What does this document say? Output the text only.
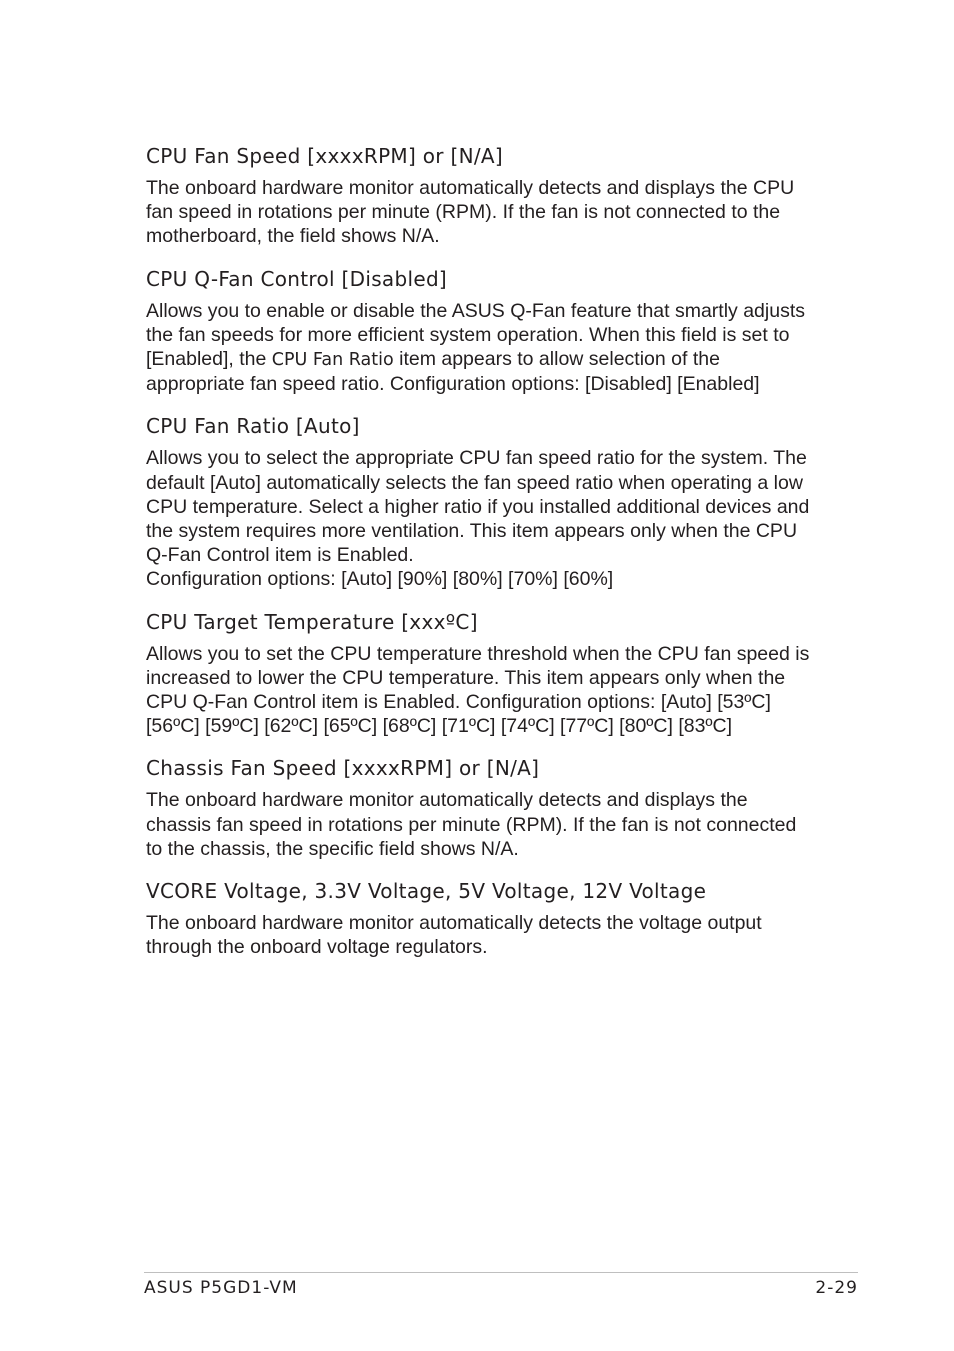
CPU Fan Speed [xxxxRPM] or [N/A]

The onboard hardware monitor automatically detects and displays the CPU fan speed in rotations per minute (RPM). If the fan is not connected to the motherboard, the field shows N/A.

CPU Q-Fan Control [Disabled]

Allows you to enable or disable the ASUS Q-Fan feature that smartly adjusts the fan speeds for more efficient system operation. When this field is set to [Enabled], the CPU Fan Ratio item appears to allow selection of the appropriate fan speed ratio. Configuration options: [Disabled] [Enabled]

CPU Fan Ratio [Auto]

Allows you to select the appropriate CPU fan speed ratio for the system. The default [Auto] automatically selects the fan speed ratio when operating a low CPU temperature. Select a higher ratio if you installed additional devices and the system requires more ventilation. This item appears only when the CPU Q-Fan Control item is Enabled.

Configuration options: [Auto] [90%] [80%] [70%] [60%]

CPU Target Temperature [xxxºC]

Allows you to set the CPU temperature threshold when the CPU fan speed is increased to lower the CPU temperature. This item appears only when the CPU Q-Fan Control item is Enabled. Configuration options: [Auto] [53ºC] [56ºC] [59ºC] [62ºC] [65ºC] [68ºC] [71ºC] [74ºC] [77ºC] [80ºC] [83ºC]

Chassis Fan Speed [xxxxRPM] or [N/A]

The onboard hardware monitor automatically detects and displays the chassis fan speed in rotations per minute (RPM). If the fan is not connected to the chassis, the specific field shows N/A.

VCORE Voltage, 3.3V Voltage, 5V Voltage, 12V Voltage

The onboard hardware monitor automatically detects the voltage output through the onboard voltage regulators.

ASUS P5GD1-VM	2-29
